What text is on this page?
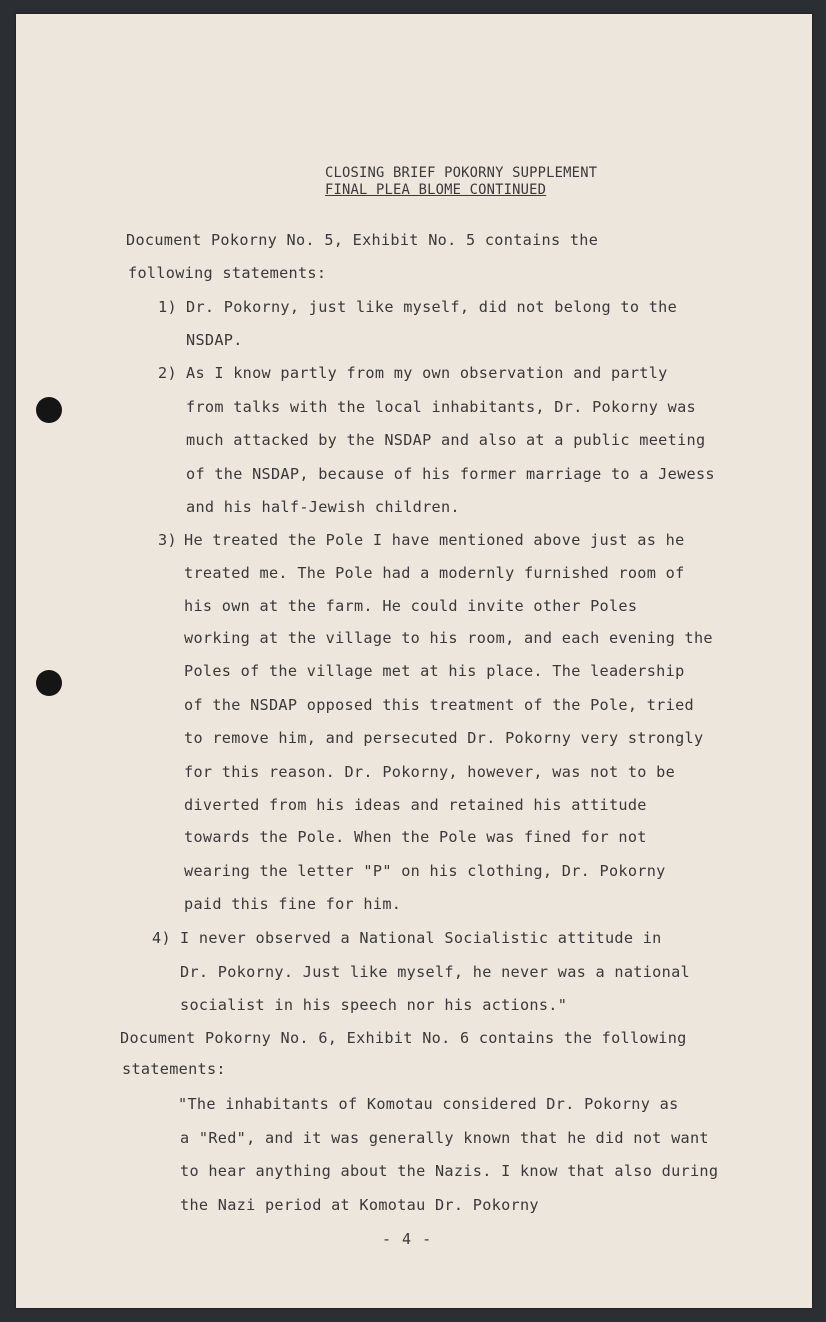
CLOSING BRIEF POKORNY SUPPLEMENT
FINAL PLEA BLOME CONTINUED
Document Pokorny No. 5, Exhibit No. 5 contains the
following statements:
1) Dr. Pokorny, just like myself, did not belong to the
NSDAP.
2) As I know partly from my own observation and partly
from talks with the local inhabitants, Dr. Pokorny was
much attacked by the NSDAP and also at a public meeting
of the NSDAP, because of his former marriage to a Jewess
and his half-Jewish children.
3) He treated the Pole I have mentioned above just as he
treated me. The Pole had a modernly furnished room of
his own at the farm. He could invite other Poles
working at the village to his room, and each evening the
Poles of the village met at his place. The leadership
of the NSDAP opposed this treatment of the Pole, tried
to remove him, and persecuted Dr. Pokorny very strongly
for this reason. Dr. Pokorny, however, was not to be
diverted from his ideas and retained his attitude
towards the Pole. When the Pole was fined for not
wearing the letter "P" on his clothing, Dr. Pokorny
paid this fine for him.
4) I never observed a National Socialistic attitude in
Dr. Pokorny. Just like myself, he never was a national
socialist in his speech nor his actions."
Document Pokorny No. 6, Exhibit No. 6 contains the following
statements:
"The inhabitants of Komotau considered Dr. Pokorny as
a "Red", and it was generally known that he did not want
to hear anything about the Nazis. I know that also during
the Nazi period at Komotau Dr. Pokorny
- 4 -
